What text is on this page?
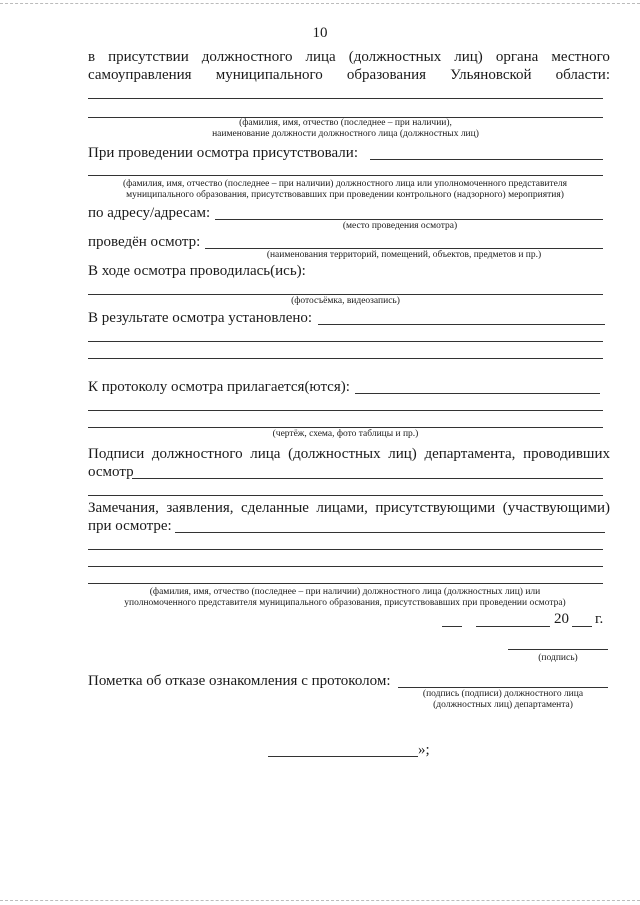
10
в присутствии должностного лица (должностных лиц) органа местного
самоуправления муниципального образования Ульяновской области:
(фамилия, имя, отчество (последнее – при наличии),
наименование должности должностного лица (должностных лиц)
При проведении осмотра присутствовали:
(фамилия, имя, отчество (последнее – при наличии) должностного лица или уполномоченного представителя
муниципального образования, присутствовавших при проведении контрольного (надзорного) мероприятия)
по адресу/адресам:
(место проведения осмотра)
проведён осмотр:
(наименования территорий, помещений, объектов, предметов и пр.)
В ходе осмотра проводилась(ись):
(фотосъёмка, видеозапись)
В результате осмотра установлено:
К протоколу осмотра прилагается(ются):
(чертёж, схема, фото таблицы и пр.)
Подписи должностного лица (должностных лиц) департамента, проводивших
осмотр
Замечания, заявления, сделанные лицами, присутствующими (участвующими)
при осмотре:
(фамилия, имя, отчество (последнее – при наличии) должностного лица (должностных лиц) или
уполномоченного представителя муниципального образования, присутствовавших при проведении осмотра)
20 г.
(подпись)
Пометка об отказе ознакомления с протоколом:
(подпись (подписи) должностного лица
(должностных лиц) департамента)
»;
